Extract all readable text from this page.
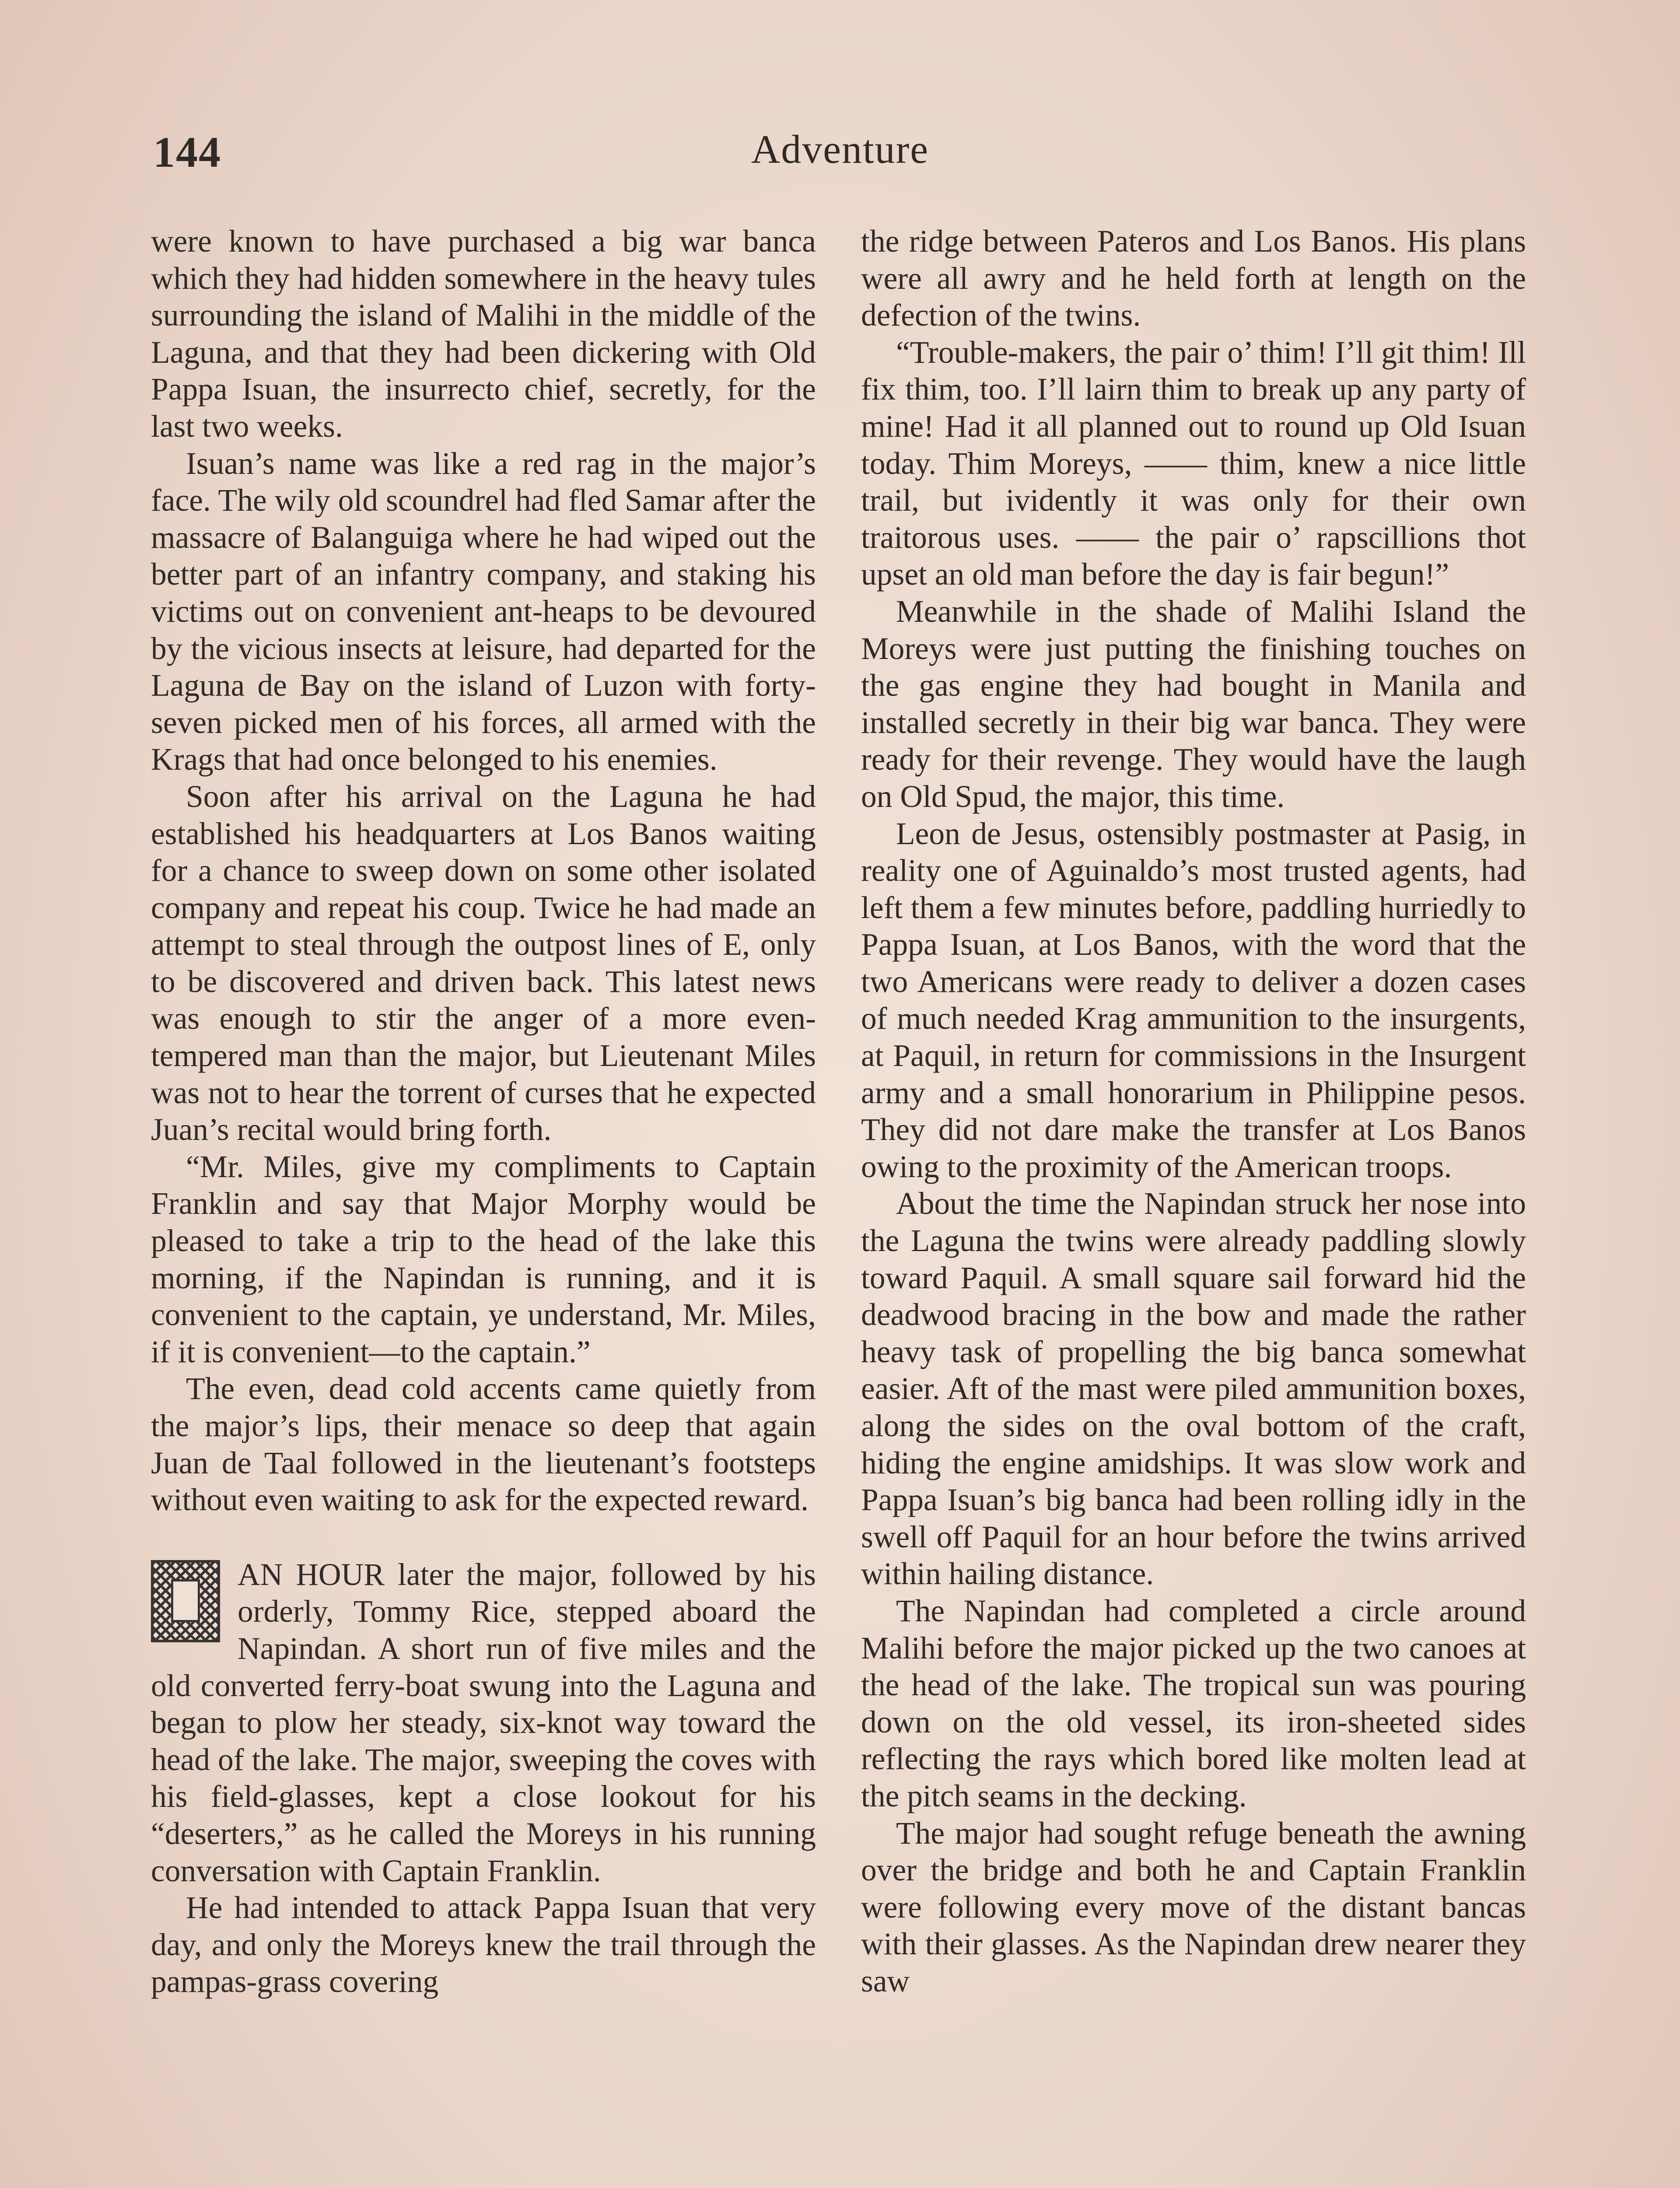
144	Adventure

were known to have purchased a big war banca which they had hidden somewhere in the heavy tules surrounding the island of Malihi in the middle of the Laguna, and that they had been dickering with Old Pappa Isuan, the insurrecto chief, secretly, for the last two weeks.

Isuan’s name was like a red rag in the major’s face. The wily old scoundrel had fled Samar after the massacre of Balanguiga where he had wiped out the better part of an infantry company, and staking his victims out on convenient ant-heaps to be devoured by the vicious insects at leisure, had departed for the Laguna de Bay on the island of Luzon with forty-seven picked men of his forces, all armed with the Krags that had once belonged to his enemies.

Soon after his arrival on the Laguna he had established his headquarters at Los Banos waiting for a chance to sweep down on some other isolated company and repeat his coup. Twice he had made an attempt to steal through the outpost lines of E, only to be discovered and driven back. This latest news was enough to stir the anger of a more even-tempered man than the major, but Lieutenant Miles was not to hear the torrent of curses that he expected Juan’s recital would bring forth.

“Mr. Miles, give my compliments to Captain Franklin and say that Major Morphy would be pleased to take a trip to the head of the lake this morning, if the Napindan is running, and it is convenient to the captain, ye understand, Mr. Miles, if it is convenient—to the captain.”

The even, dead cold accents came quietly from the major’s lips, their menace so deep that again Juan de Taal followed in the lieutenant’s footsteps without even waiting to ask for the expected reward.

AN HOUR later the major, followed by his orderly, Tommy Rice, stepped aboard the Napindan. A short run of five miles and the old converted ferry-boat swung into the Laguna and began to plow her steady, six-knot way toward the head of the lake. The major, sweeping the coves with his field-glasses, kept a close lookout for his “deserters,” as he called the Moreys in his running conversation with Captain Franklin.

He had intended to attack Pappa Isuan that very day, and only the Moreys knew the trail through the pampas-grass covering

the ridge between Pateros and Los Banos. His plans were all awry and he held forth at length on the defection of the twins.

“Trouble-makers, the pair o’ thim! I’ll git thim! Ill fix thim, too. I’ll lairn thim to break up any party of mine! Had it all planned out to round up Old Isuan today. Thim Moreys, —— thim, knew a nice little trail, but ividently it was only for their own traitorous uses. —— the pair o’ rapscillions thot upset an old man before the day is fair begun!”

Meanwhile in the shade of Malihi Island the Moreys were just putting the finishing touches on the gas engine they had bought in Manila and installed secretly in their big war banca. They were ready for their revenge. They would have the laugh on Old Spud, the major, this time.

Leon de Jesus, ostensibly postmaster at Pasig, in reality one of Aguinaldo’s most trusted agents, had left them a few minutes before, paddling hurriedly to Pappa Isuan, at Los Banos, with the word that the two Americans were ready to deliver a dozen cases of much needed Krag ammunition to the insurgents, at Paquil, in return for commissions in the Insurgent army and a small honorarium in Philippine pesos. They did not dare make the transfer at Los Banos owing to the proximity of the American troops.

About the time the Napindan struck her nose into the Laguna the twins were already paddling slowly toward Paquil. A small square sail forward hid the deadwood bracing in the bow and made the rather heavy task of propelling the big banca somewhat easier. Aft of the mast were piled ammunition boxes, along the sides on the oval bottom of the craft, hiding the engine amidships. It was slow work and Pappa Isuan’s big banca had been rolling idly in the swell off Paquil for an hour before the twins arrived within hailing distance.

The Napindan had completed a circle around Malihi before the major picked up the two canoes at the head of the lake. The tropical sun was pouring down on the old vessel, its iron-sheeted sides reflecting the rays which bored like molten lead at the pitch seams in the decking.

The major had sought refuge beneath the awning over the bridge and both he and Captain Franklin were following every move of the distant bancas with their glasses. As the Napindan drew nearer they saw
